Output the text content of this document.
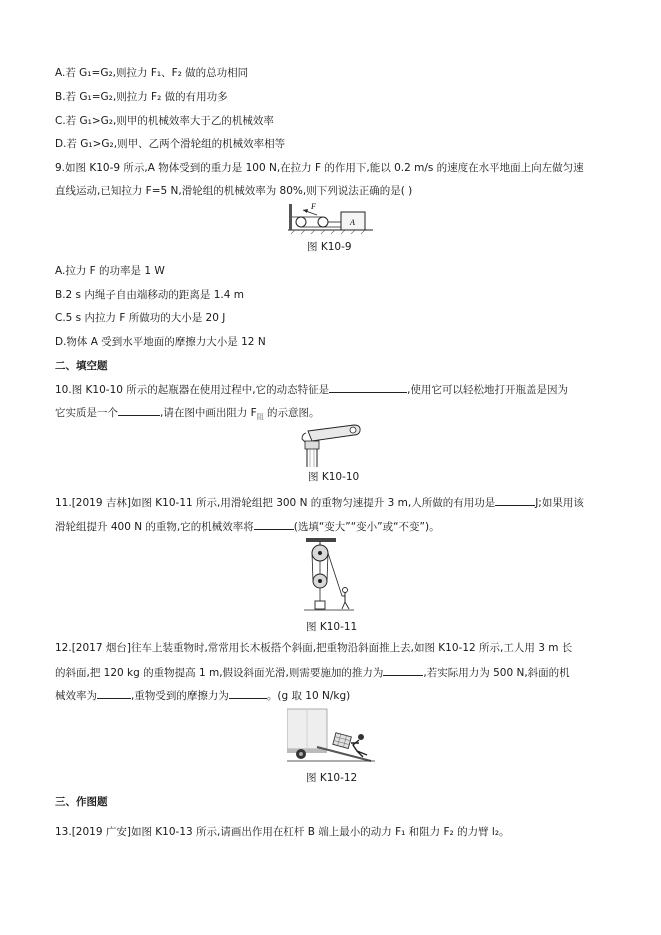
A.若 G₁=G₂,则拉力 F₁、F₂ 做的总功相同
B.若 G₁=G₂,则拉力 F₂ 做的有用功多
C.若 G₁>G₂,则甲的机械效率大于乙的机械效率
D.若 G₁>G₂,则甲、乙两个滑轮组的机械效率相等
9.如图 K10-9 所示,A 物体受到的重力是 100 N,在拉力 F 的作用下,能以 0.2 m/s 的速度在水平地面上向左做匀速
直线运动,已知拉力 F=5 N,滑轮组的机械效率为 80%,则下列说法正确的是( )
F
A
图 K10-9
A.拉力 F 的功率是 1 W
B.2 s 内绳子自由端移动的距离是 1.4 m
C.5 s 内拉力 F 所做功的大小是 20 J
D.物体 A 受到水平地面的摩擦力大小是 12 N
二、填空题
10.图 K10-10 所示的起瓶器在使用过程中,它的动态特征是	,使用它可以轻松地打开瓶盖是因为
它实质是一个	,请在图中画出阻力 $F_阻$ 的示意图。
图 K10-10
11.[2019 吉林]如图 K10-11 所示,用滑轮组把 300 N 的重物匀速提升 3 m,人所做的有用功是	J;如果用该
滑轮组提升 400 N 的重物,它的机械效率将	(选填“变大”“变小”或“不变”)。
图 K10-11
12.[2017 烟台]往车上装重物时,常常用长木板搭个斜面,把重物沿斜面推上去,如图 K10-12 所示,工人用 3 m 长
的斜面,把 120 kg 的重物提高 1 m,假设斜面光滑,则需要施加的推力为	,若实际用力为 500 N,斜面的机
械效率为	,重物受到的摩擦力为	。(g 取 10 N/kg)
图 K10-12
三、作图题
13.[2019 广安]如图 K10-13 所示,请画出作用在杠杆 B 端上最小的动力 F₁ 和阻力 F₂ 的力臂 l₂。
